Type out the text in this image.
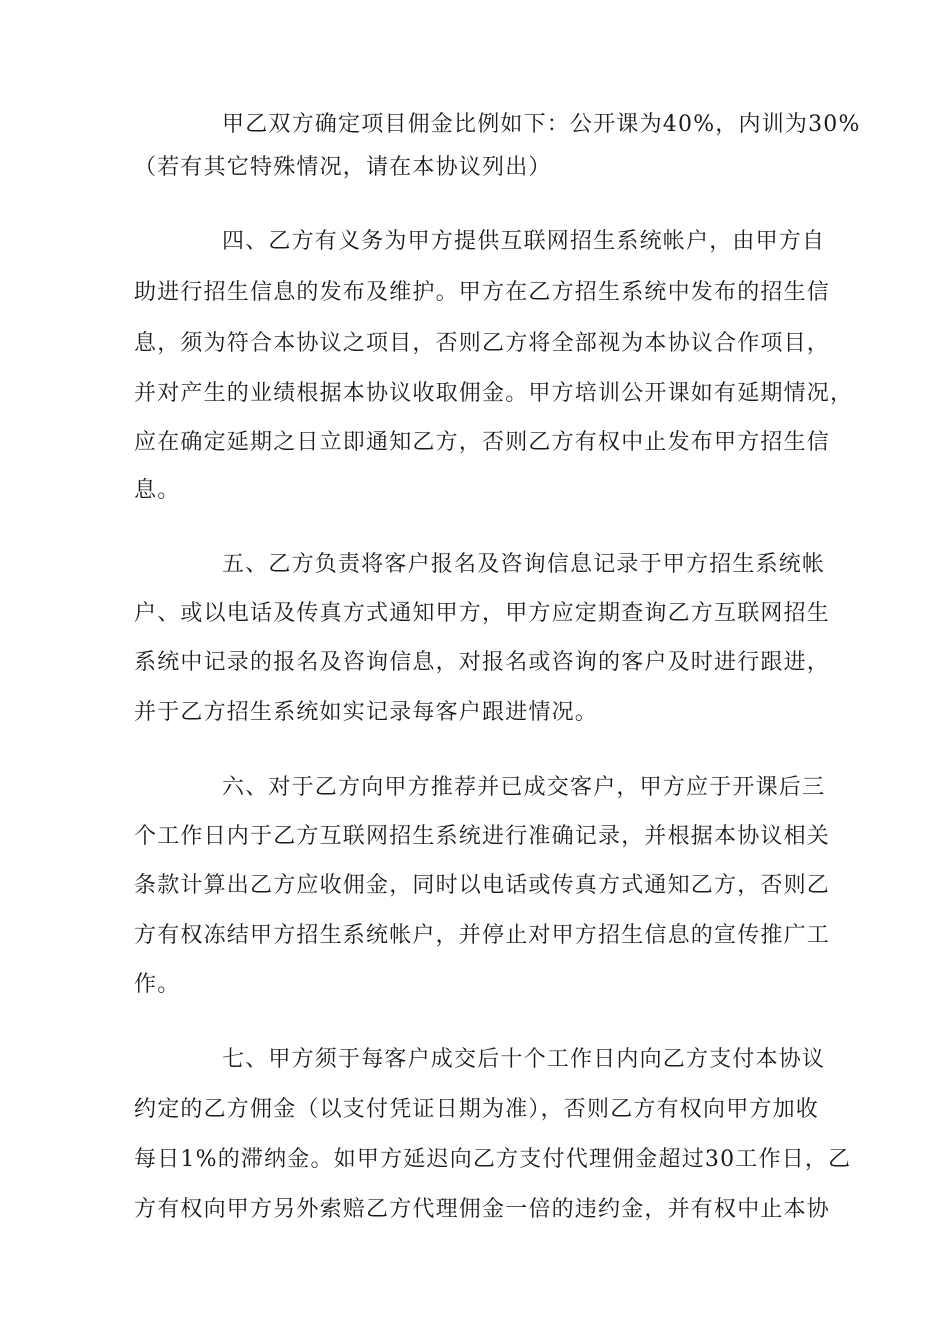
甲乙双方确定项目佣金比例如下：公开课为40%，内训为30%
（若有其它特殊情况，请在本协议列出）
四、乙方有义务为甲方提供互联网招生系统帐户，由甲方自
助进行招生信息的发布及维护。甲方在乙方招生系统中发布的招生信
息，须为符合本协议之项目，否则乙方将全部视为本协议合作项目，
并对产生的业绩根据本协议收取佣金。甲方培训公开课如有延期情况，
应在确定延期之日立即通知乙方，否则乙方有权中止发布甲方招生信
息。
五、乙方负责将客户报名及咨询信息记录于甲方招生系统帐
户、或以电话及传真方式通知甲方，甲方应定期查询乙方互联网招生
系统中记录的报名及咨询信息，对报名或咨询的客户及时进行跟进，
并于乙方招生系统如实记录每客户跟进情况。
六、对于乙方向甲方推荐并已成交客户，甲方应于开课后三
个工作日内于乙方互联网招生系统进行准确记录，并根据本协议相关
条款计算出乙方应收佣金，同时以电话或传真方式通知乙方，否则乙
方有权冻结甲方招生系统帐户，并停止对甲方招生信息的宣传推广工
作。
七、甲方须于每客户成交后十个工作日内向乙方支付本协议
约定的乙方佣金（以支付凭证日期为准），否则乙方有权向甲方加收
每日1%的滞纳金。如甲方延迟向乙方支付代理佣金超过30工作日，乙
方有权向甲方另外索赔乙方代理佣金一倍的违约金，并有权中止本协
